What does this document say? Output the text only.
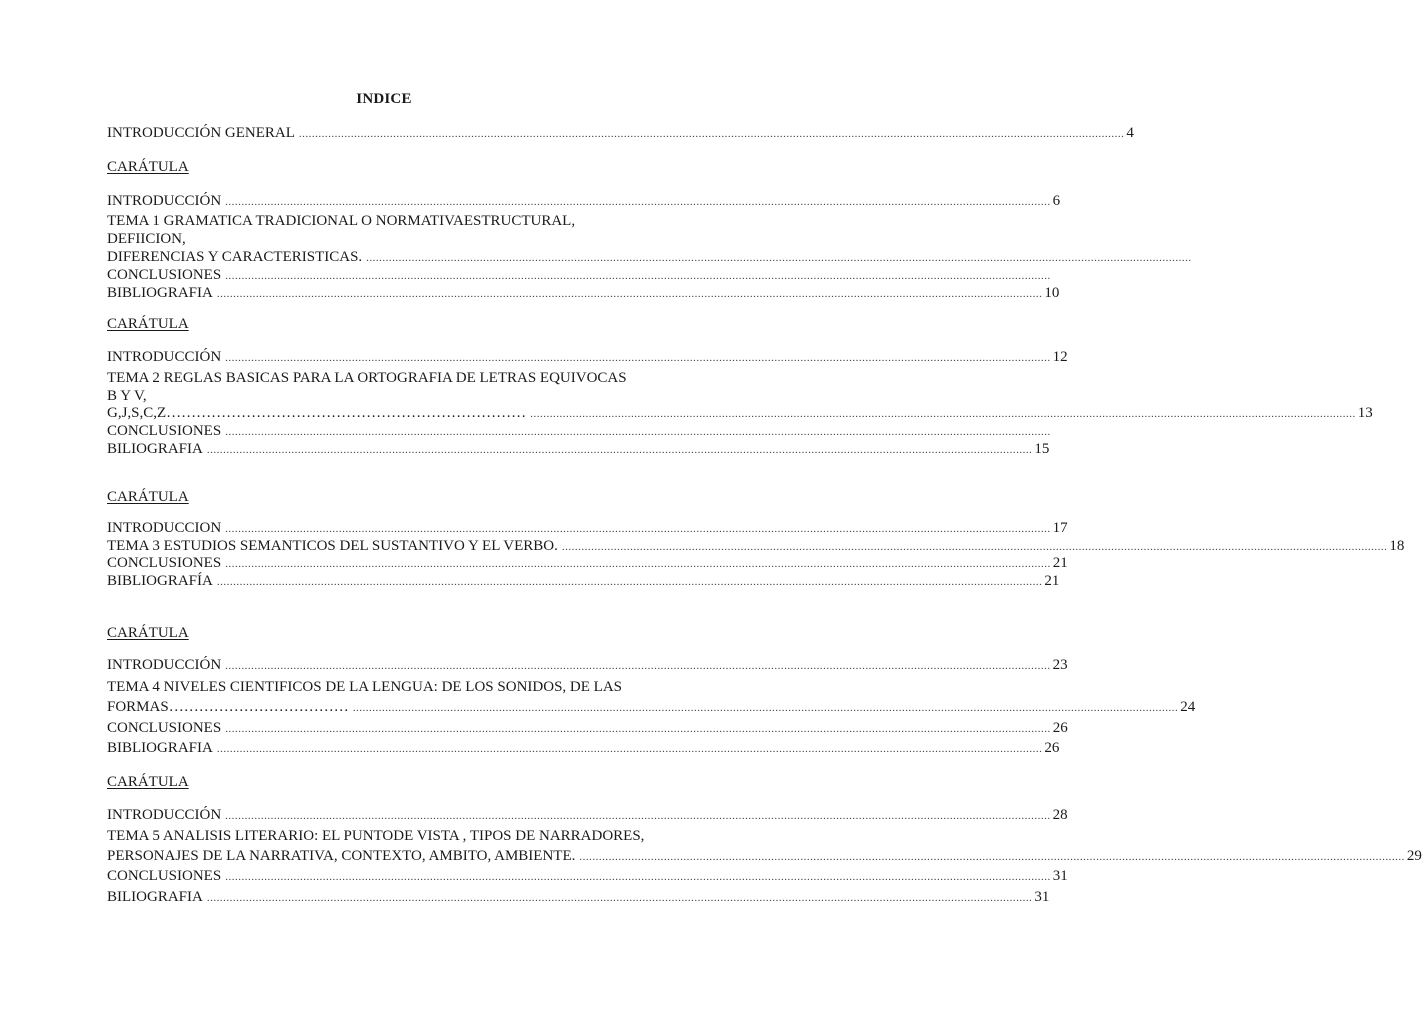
INDICE
INTRODUCCIÓN GENERAL .............................................................................................................................................................................................................................................................. 4
CARÁTULA
INTRODUCCIÓN .............................................................................................................................................................................................................................................................. 6
TEMA 1 GRAMATICA TRADICIONAL O NORMATIVAESTRUCTURAL,
DEFIICION,
DIFERENCIAS Y CARACTERISTICAS. ..............................................................................................................................................................................................................................................................
CONCLUSIONES ..............................................................................................................................................................................................................................................................
BIBLIOGRAFIA .............................................................................................................................................................................................................................................................. 10
CARÁTULA
INTRODUCCIÓN .............................................................................................................................................................................................................................................................. 12
TEMA 2 REGLAS BASICAS PARA LA ORTOGRAFIA DE LETRAS EQUIVOCAS
B Y V,
G,J,S,C,Z……………………………………………………………… .............................................................................................................................................................................................................................................................. 13
CONCLUSIONES ..............................................................................................................................................................................................................................................................
BILIOGRAFIA .............................................................................................................................................................................................................................................................. 15
CARÁTULA
INTRODUCCION .............................................................................................................................................................................................................................................................. 17
TEMA 3 ESTUDIOS SEMANTICOS DEL SUSTANTIVO Y EL VERBO. .............................................................................................................................................................................................................................................................. 18
CONCLUSIONES .............................................................................................................................................................................................................................................................. 21
BIBLIOGRAFÍA .............................................................................................................................................................................................................................................................. 21
CARÁTULA
INTRODUCCIÓN .............................................................................................................................................................................................................................................................. 23
TEMA 4 NIVELES CIENTIFICOS DE LA LENGUA: DE LOS SONIDOS, DE LAS
FORMAS……………………………… .............................................................................................................................................................................................................................................................. 24
CONCLUSIONES .............................................................................................................................................................................................................................................................. 26
BIBLIOGRAFIA .............................................................................................................................................................................................................................................................. 26
CARÁTULA
INTRODUCCIÓN .............................................................................................................................................................................................................................................................. 28
TEMA 5 ANALISIS LITERARIO: EL PUNTODE VISTA , TIPOS DE NARRADORES,
PERSONAJES DE LA NARRATIVA, CONTEXTO, AMBITO, AMBIENTE. .............................................................................................................................................................................................................................................................. 29
CONCLUSIONES .............................................................................................................................................................................................................................................................. 31
BILIOGRAFIA .............................................................................................................................................................................................................................................................. 31
